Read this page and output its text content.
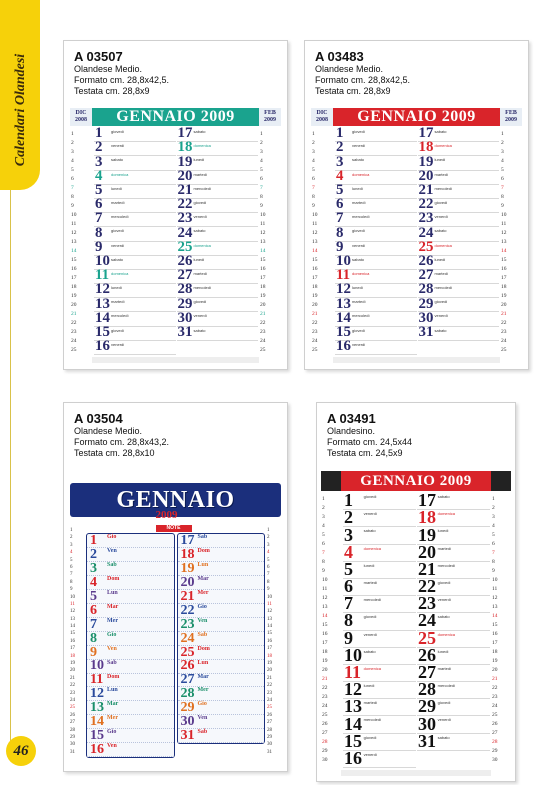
Calendari Olandesi
46
A 03507
Olandese Medio.
Formato cm. 28,8x42,5.
Testata cm. 28,8x9
GENNAIO 2009
DIC
2008
FEB
2009
1
2
3
4
5
6
7
8
9
10
11
12
13
14
15
16
17
18
19
20
21
22
23
24
25
1
2
3
4
5
6
7
8
9
10
11
12
13
14
15
16
17
18
19
20
21
22
23
24
25
1 giovedì
2 venerdì
3 sabato
4 domenica
5 lunedì
6 martedì
7 mercoledì
8 giovedì
9 venerdì
10 sabato
11 domenica
12 lunedì
13 martedì
14 mercoledì
15 giovedì
16 venerdì
17 sabato
18 domenica
19 lunedì
20 martedì
21 mercoledì
22 giovedì
23 venerdì
24 sabato
25 domenica
26 lunedì
27 martedì
28 mercoledì
29 giovedì
30 venerdì
31 sabato
A 03483
Olandese Medio.
Formato cm. 28,8x42,5.
Testata cm. 28,8x9
GENNAIO 2009
DIC
2008
FEB
2009
1
2
3
4
5
6
7
8
9
10
11
12
13
14
15
16
17
18
19
20
21
22
23
24
25
1
2
3
4
5
6
7
8
9
10
11
12
13
14
15
16
17
18
19
20
21
22
23
24
25
1 giovedì
2 venerdì
3 sabato
4 domenica
5 lunedì
6 martedì
7 mercoledì
8 giovedì
9 venerdì
10 sabato
11 domenica
12 lunedì
13 martedì
14 mercoledì
15 giovedì
16 venerdì
17 sabato
18 domenica
19 lunedì
20 martedì
21 mercoledì
22 giovedì
23 venerdì
24 sabato
25 domenica
26 lunedì
27 martedì
28 mercoledì
29 giovedì
30 venerdì
31 sabato
A 03504
Olandese Medio.
Formato cm. 28,8x43,2.
Testata cm. 28,8x10
GENNAIO
2009
NOTE
1
2
3
4
5
6
7
8
9
10
11
12
13
14
15
16
17
18
19
20
21
22
23
24
25
26
27
28
29
30
31
1
2
3
4
5
6
7
8
9
10
11
12
13
14
15
16
17
18
19
20
21
22
23
24
25
26
27
28
29
30
31
1 Gio
2 Ven
3 Sab
4 Dom
5 Lun
6 Mar
7 Mer
8 Gio
9 Ven
10 Sab
11 Dom
12 Lun
13 Mar
14 Mer
15 Gio
16 Ven
17 Sab
18 Dom
19 Lun
20 Mar
21 Mer
22 Gio
23 Ven
24 Sab
25 Dom
26 Lun
27 Mar
28 Mer
29 Gio
30 Ven
31 Sab
A 03491
Olandesino.
Formato cm. 24,5x44
Testata cm. 24,5x9
GENNAIO 2009
1
2
3
4
5
6
7
8
9
10
11
12
13
14
15
16
17
18
19
20
21
22
23
24
25
26
27
28
29
30
1
2
3
4
5
6
7
8
9
10
11
12
13
14
15
16
17
18
19
20
21
22
23
24
25
26
27
28
29
30
1	giovedì
2	venerdì
3	sabato
4	domenica
5	lunedì
6	martedì
7	mercoledì
8	giovedì
9	venerdì
10 sabato
11 domenica
12 lunedì
13 martedì
14 mercoledì
15 giovedì
16 venerdì
17 sabato
18 domenica
19 lunedì
20 martedì
21 mercoledì
22 giovedì
23 venerdì
24 sabato
25 domenica
26 lunedì
27 martedì
28 mercoledì
29 giovedì
30 venerdì
31 sabato
